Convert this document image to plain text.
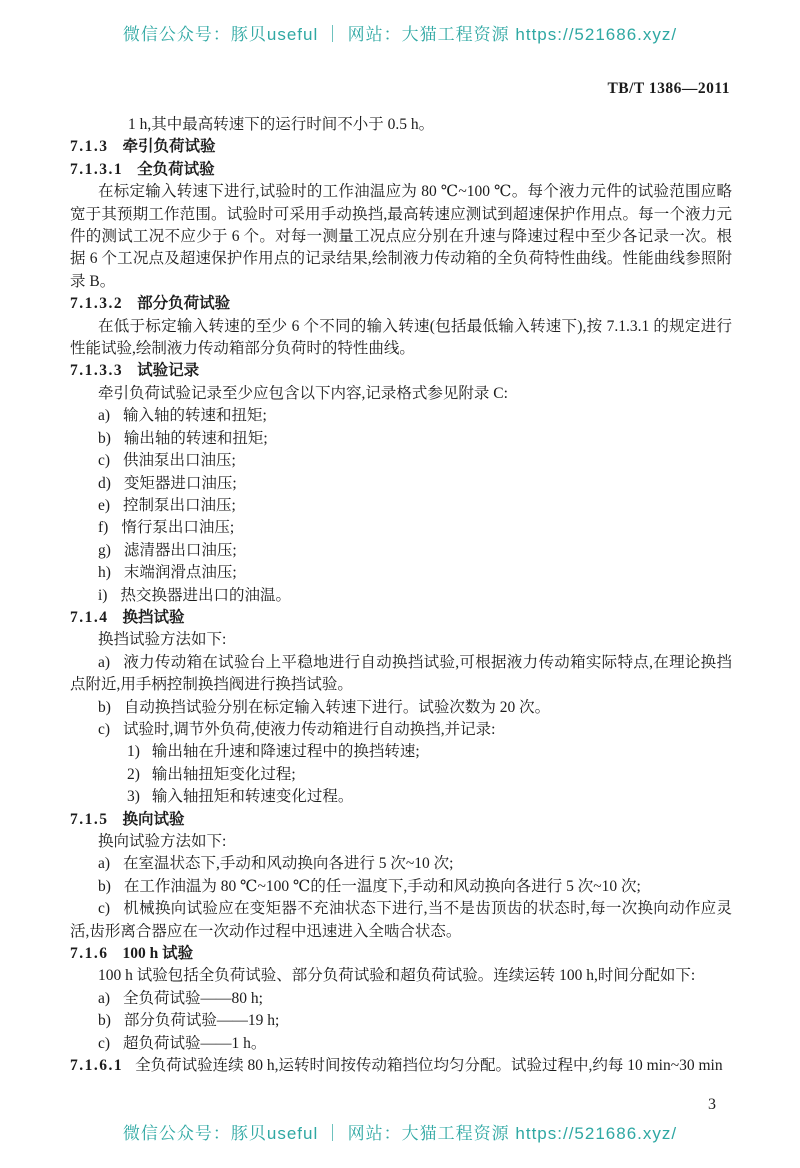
微信公众号：豚贝useful ｜ 网站：大猫工程资源 https://521686.xyz/
TB/T 1386—2011

1 h,其中最高转速下的运行时间不小于 0.5 h。

7.1.3 牵引负荷试验

7.1.3.1 全负荷试验

在标定输入转速下进行,试验时的工作油温应为 80 ℃~100 ℃。每个液力元件的试验范围应略宽于其预期工作范围。试验时可采用手动换挡,最高转速应测试到超速保护作用点。每一个液力元件的测试工况不应少于 6 个。对每一测量工况点应分别在升速与降速过程中至少各记录一次。根据 6 个工况点及超速保护作用点的记录结果,绘制液力传动箱的全负荷特性曲线。性能曲线参照附录 B。

7.1.3.2 部分负荷试验

在低于标定输入转速的至少 6 个不同的输入转速(包括最低输入转速下),按 7.1.3.1 的规定进行性能试验,绘制液力传动箱部分负荷时的特性曲线。

7.1.3.3 试验记录

牵引负荷试验记录至少应包含以下内容,记录格式参见附录 C:

a) 输入轴的转速和扭矩;

b) 输出轴的转速和扭矩;

c) 供油泵出口油压;

d) 变矩器进口油压;

e) 控制泵出口油压;

f) 惰行泵出口油压;

g) 滤清器出口油压;

h) 末端润滑点油压;

i) 热交换器进出口的油温。

7.1.4 换挡试验

换挡试验方法如下:

a) 液力传动箱在试验台上平稳地进行自动换挡试验,可根据液力传动箱实际特点,在理论换挡点附近,用手柄控制换挡阀进行换挡试验。

b) 自动换挡试验分别在标定输入转速下进行。试验次数为 20 次。

c) 试验时,调节外负荷,使液力传动箱进行自动换挡,并记录:

1) 输出轴在升速和降速过程中的换挡转速;

2) 输出轴扭矩变化过程;

3) 输入轴扭矩和转速变化过程。

7.1.5 换向试验

换向试验方法如下:

a) 在室温状态下,手动和风动换向各进行 5 次~10 次;

b) 在工作油温为 80 ℃~100 ℃的任一温度下,手动和风动换向各进行 5 次~10 次;

c) 机械换向试验应在变矩器不充油状态下进行,当不是齿顶齿的状态时,每一次换向动作应灵活,齿形离合器应在一次动作过程中迅速进入全啮合状态。

7.1.6 100 h 试验

100 h 试验包括全负荷试验、部分负荷试验和超负荷试验。连续运转 100 h,时间分配如下:

a) 全负荷试验——80 h;

b) 部分负荷试验——19 h;

c) 超负荷试验——1 h。

7.1.6.1 全负荷试验连续 80 h,运转时间按传动箱挡位均匀分配。试验过程中,约每 10 min~30 min

3
微信公众号：豚贝useful ｜ 网站：大猫工程资源 https://521686.xyz/
